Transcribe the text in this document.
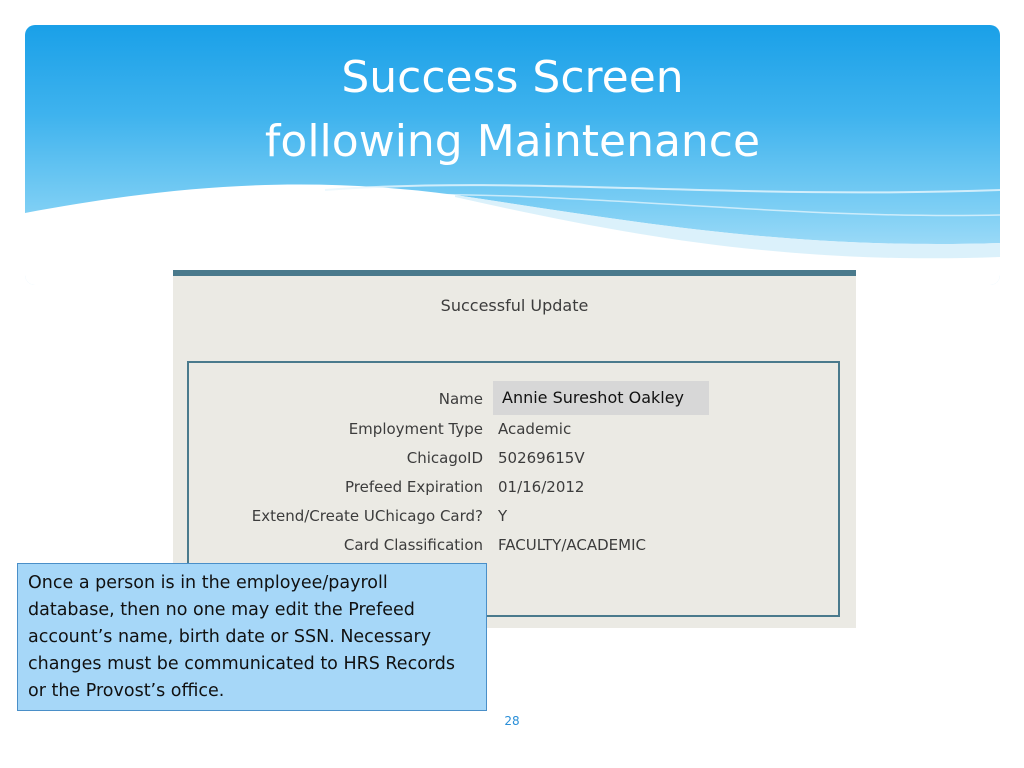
Success Screen
following Maintenance
Successful Update
Annie Sureshot Oakley
Name
Employment Type Academic
ChicagoID 50269615V
Prefeed Expiration 01/16/2012
Extend/Create UChicago Card? Y
Card Classification FACULTY/ACADEMIC
Once a person is in the employee/payroll database, then no one may edit the Prefeed account’s name, birth date or SSN. Necessary changes must be communicated to HRS Records or the Provost’s office.
28
